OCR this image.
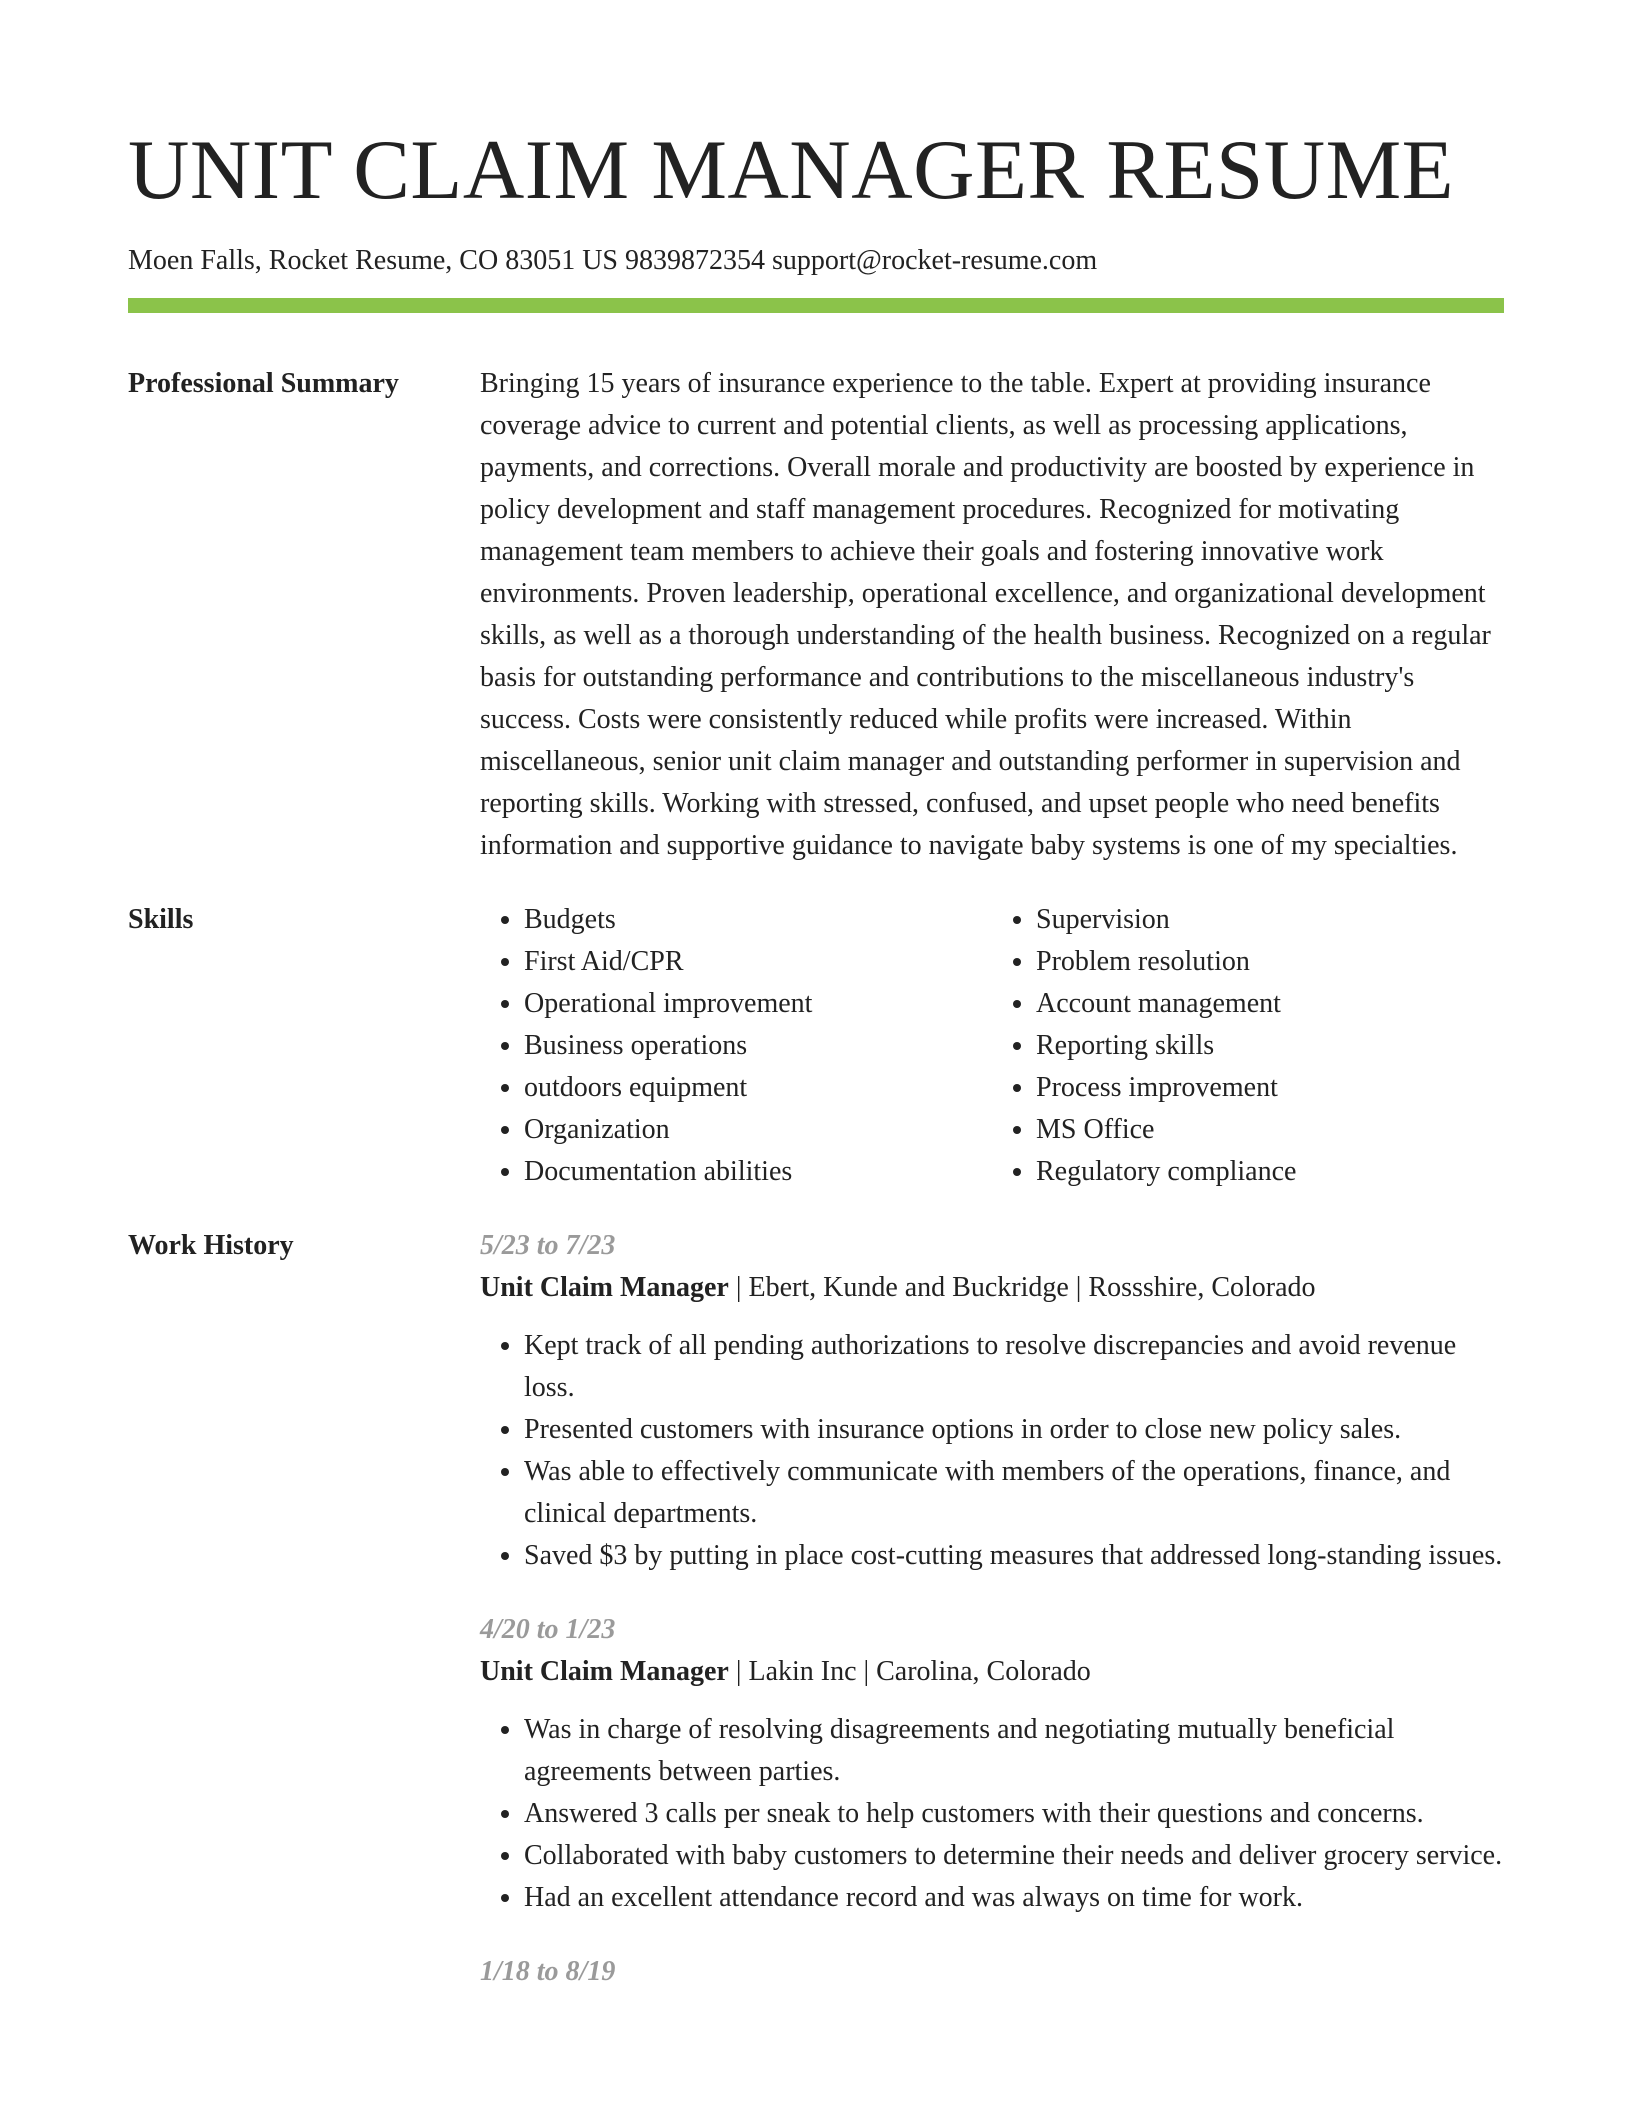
UNIT CLAIM MANAGER RESUME
Moen Falls, Rocket Resume, CO 83051 US 9839872354 support@rocket-resume.com
Professional Summary	Bringing 15 years of insurance experience to the table. Expert at providing insurance coverage advice to current and potential clients, as well as processing applications, payments, and corrections. Overall morale and productivity are boosted by experience in policy development and staff management procedures. Recognized for motivating management team members to achieve their goals and fostering innovative work environments. Proven leadership, operational excellence, and organizational development skills, as well as a thorough understanding of the health business. Recognized on a regular basis for outstanding performance and contributions to the miscellaneous industry's success. Costs were consistently reduced while profits were increased. Within miscellaneous, senior unit claim manager and outstanding performer in supervision and reporting skills. Working with stressed, confused, and upset people who need benefits information and supportive guidance to navigate baby systems is one of my specialties.

Skills
•	Budgets
• First Aid/CPR
• Operational improvement
• Business operations
• outdoors equipment
• Organization
• Documentation abilities
• Supervision
• Problem resolution
• Account management
• Reporting skills
• Process improvement
• MS Office
• Regulatory compliance
Work History	5/23 to 7/23
Unit Claim Manager | Ebert, Kunde and Buckridge | Rossshire, Colorado
• Kept track of all pending authorizations to resolve discrepancies and avoid revenue loss.
• Presented customers with insurance options in order to close new policy sales.
• Was able to effectively communicate with members of the operations, finance, and clinical departments.
• Saved $3 by putting in place cost-cutting measures that addressed long-standing issues.
4/20 to 1/23
Unit Claim Manager | Lakin Inc | Carolina, Colorado
• Was in charge of resolving disagreements and negotiating mutually beneficial agreements between parties.
• Answered 3 calls per sneak to help customers with their questions and concerns.
• Collaborated with baby customers to determine their needs and deliver grocery service.
• Had an excellent attendance record and was always on time for work.
1/18 to 8/19
